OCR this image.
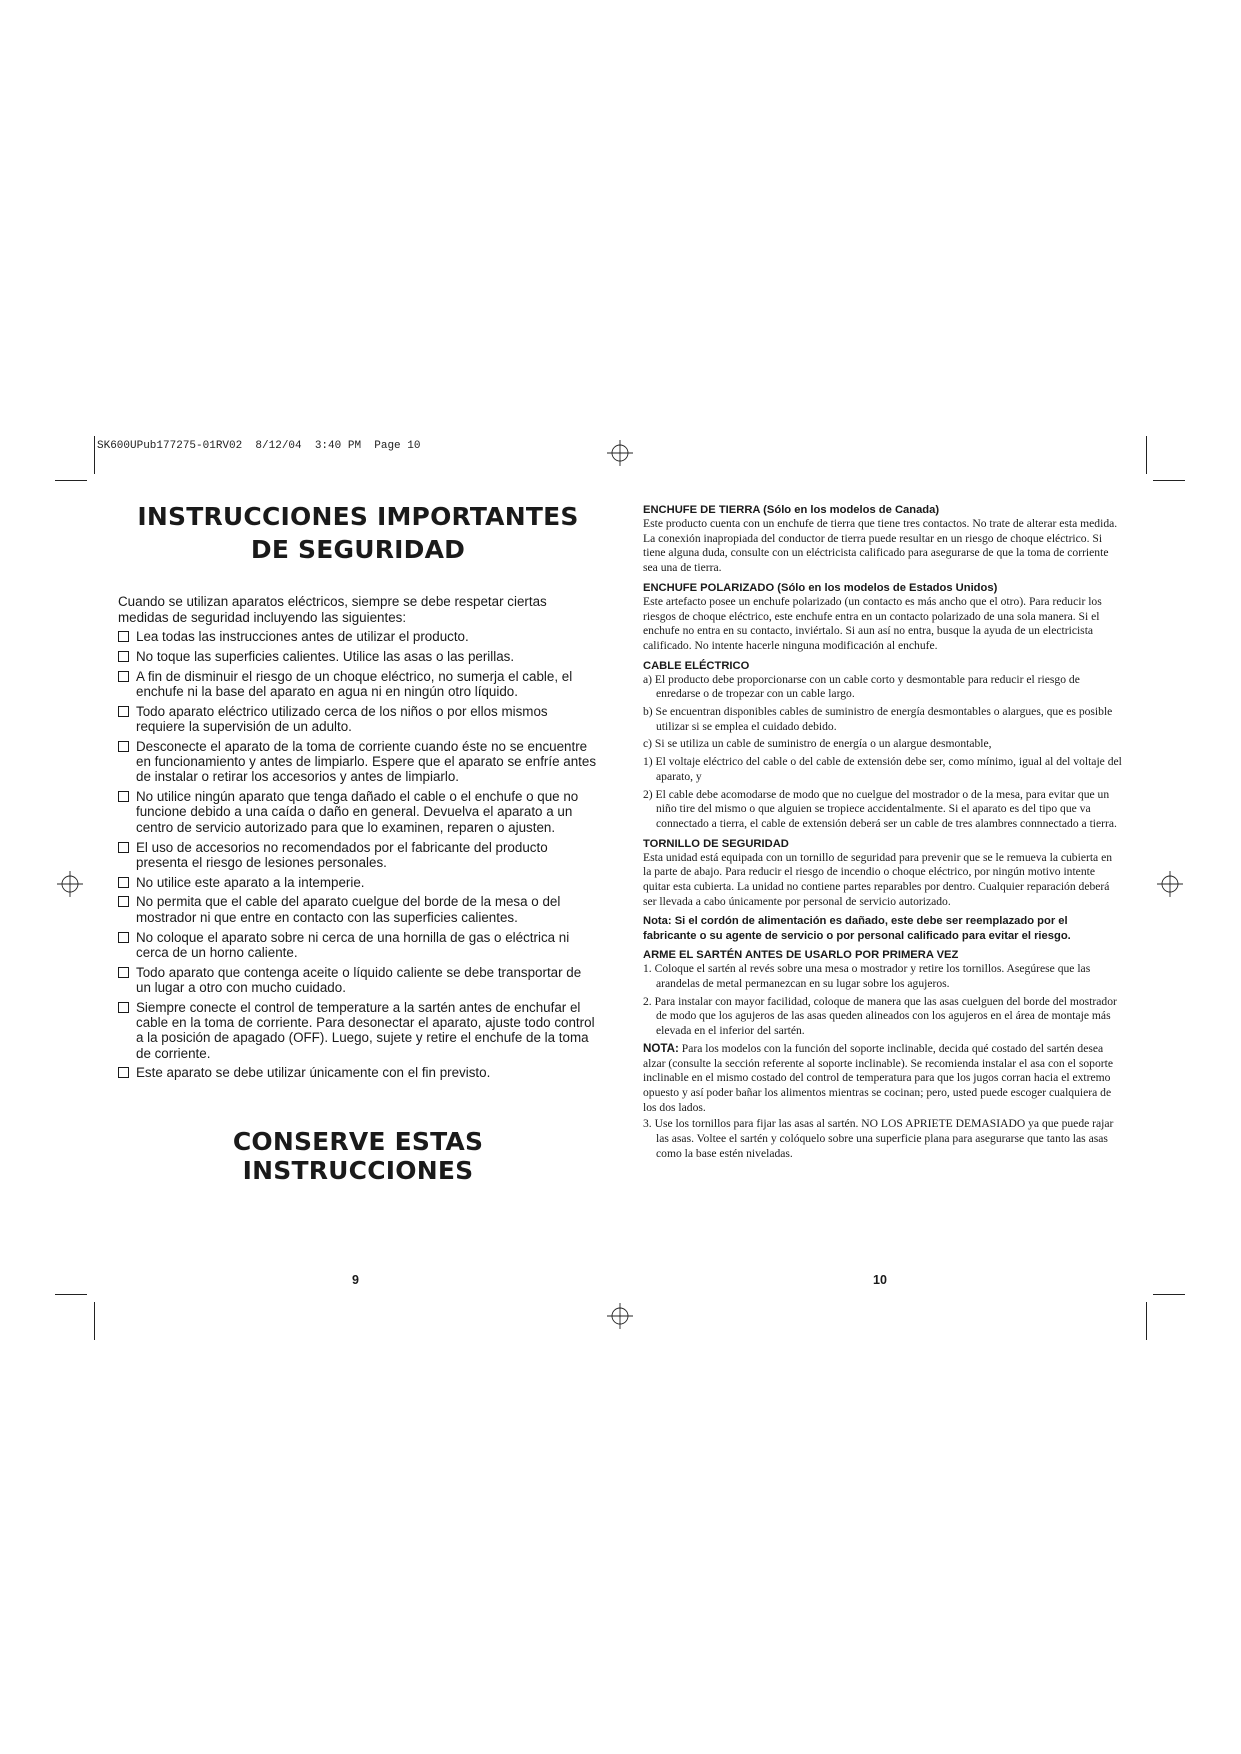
SK600UPub177275-01RV02  8/12/04  3:40 PM  Page 10
INSTRUCCIONES IMPORTANTES
DE SEGURIDAD

Cuando se utilizan aparatos eléctricos, siempre se debe respetar ciertas medidas de seguridad incluyendo las siguientes:

Lea todas las instrucciones antes de utilizar el producto.
No toque las superficies calientes. Utilice las asas o las perillas.
A fin de disminuir el riesgo de un choque eléctrico, no sumerja el cable, el enchufe ni la base del aparato en agua ni en ningún otro líquido.
Todo aparato eléctrico utilizado cerca de los niños o por ellos mismos requiere la supervisión de un adulto.
Desconecte el aparato de la toma de corriente cuando éste no se encuentre en funcionamiento y antes de limpiarlo. Espere que el aparato se enfríe antes de instalar o retirar los accesorios y antes de limpiarlo.
No utilice ningún aparato que tenga dañado el cable o el enchufe o que no funcione debido a una caída o daño en general. Devuelva el aparato a un centro de servicio autorizado para que lo examinen, reparen o ajusten.
El uso de accesorios no recomendados por el fabricante del producto presenta el riesgo de lesiones personales.
No utilice este aparato a la intemperie.
No permita que el cable del aparato cuelgue del borde de la mesa o del mostrador ni que entre en contacto con las superficies calientes.
No coloque el aparato sobre ni cerca de una hornilla de gas o eléctrica ni cerca de un horno caliente.
Todo aparato que contenga aceite o líquido caliente se debe transportar de un lugar a otro con mucho cuidado.
Siempre conecte el control de temperature a la sartén antes de enchufar el cable en la toma de corriente. Para desonectar el aparato, ajuste todo control a la posición de apagado (OFF). Luego, sujete y retire el enchufe de la toma de corriente.
Este aparato se debe utilizar únicamente con el fin previsto.
CONSERVE ESTAS INSTRUCCIONES
9
ENCHUFE DE TIERRA (Sólo en los modelos de Canada)

Este producto cuenta con un enchufe de tierra que tiene tres contactos. No trate de alterar esta medida. La conexión inapropiada del conductor de tierra puede resultar en un riesgo de choque eléctrico. Si tiene alguna duda, consulte con un eléctricista calificado para asegurarse de que la toma de corriente sea una de tierra.

ENCHUFE POLARIZADO (Sólo en los modelos de Estados Unidos)

Este artefacto posee un enchufe polarizado (un contacto es más ancho que el otro). Para reducir los riesgos de choque eléctrico, este enchufe entra en un contacto polarizado de una sola manera. Si el enchufe no entra en su contacto, inviértalo. Si aun así no entra, busque la ayuda de un electricista calificado. No intente hacerle ninguna modificación al enchufe.

CABLE ELÉCTRICO

a) El producto debe proporcionarse con un cable corto y desmontable para reducir el riesgo de enredarse o de tropezar con un cable largo.

b) Se encuentran disponibles cables de suministro de energía desmontables o alargues, que es posible utilizar si se emplea el cuidado debido.

c) Si se utiliza un cable de suministro de energía o un alargue desmontable,

1) El voltaje eléctrico del cable o del cable de extensión debe ser, como mínimo, igual al del voltaje del aparato, y

2) El cable debe acomodarse de modo que no cuelgue del mostrador o de la mesa, para evitar que un niño tire del mismo o que alguien se tropiece accidentalmente. Si el aparato es del tipo que va connectado a tierra, el cable de extensión deberá ser un cable de tres alambres connnectado a tierra.

TORNILLO DE SEGURIDAD

Esta unidad está equipada con un tornillo de seguridad para prevenir que se le remueva la cubierta en la parte de abajo. Para reducir el riesgo de incendio o choque eléctrico, por ningún motivo intente quitar esta cubierta. La unidad no contiene partes reparables por dentro. Cualquier reparación deberá ser llevada a cabo únicamente por personal de servicio autorizado.

Nota: Si el cordón de alimentación es dañado, este debe ser reemplazado por el fabricante o su agente de servicio o por personal calificado para evitar el riesgo.
ARME EL SARTÉN ANTES DE USARLO POR PRIMERA VEZ

1. Coloque el sartén al revés sobre una mesa o mostrador y retire los tornillos. Asegúrese que las arandelas de metal permanezcan en su lugar sobre los agujeros.

2. Para instalar con mayor facilidad, coloque de manera que las asas cuelguen del borde del mostrador de modo que los agujeros de las asas queden alineados con los agujeros en el área de montaje más elevada en el inferior del sartén.

NOTA: Para los modelos con la función del soporte inclinable, decida qué costado del sartén desea alzar (consulte la sección referente al soporte inclinable). Se recomienda instalar el asa con el soporte inclinable en el mismo costado del control de temperatura para que los jugos corran hacia el extremo opuesto y así poder bañar los alimentos mientras se cocinan; pero, usted puede escoger cualquiera de los dos lados.

3. Use los tornillos para fijar las asas al sartén. NO LOS APRIETE DEMASIADO ya que puede rajar las asas. Voltee el sartén y colóquelo sobre una superficie plana para asegurarse que tanto las asas como la base estén niveladas.

10
